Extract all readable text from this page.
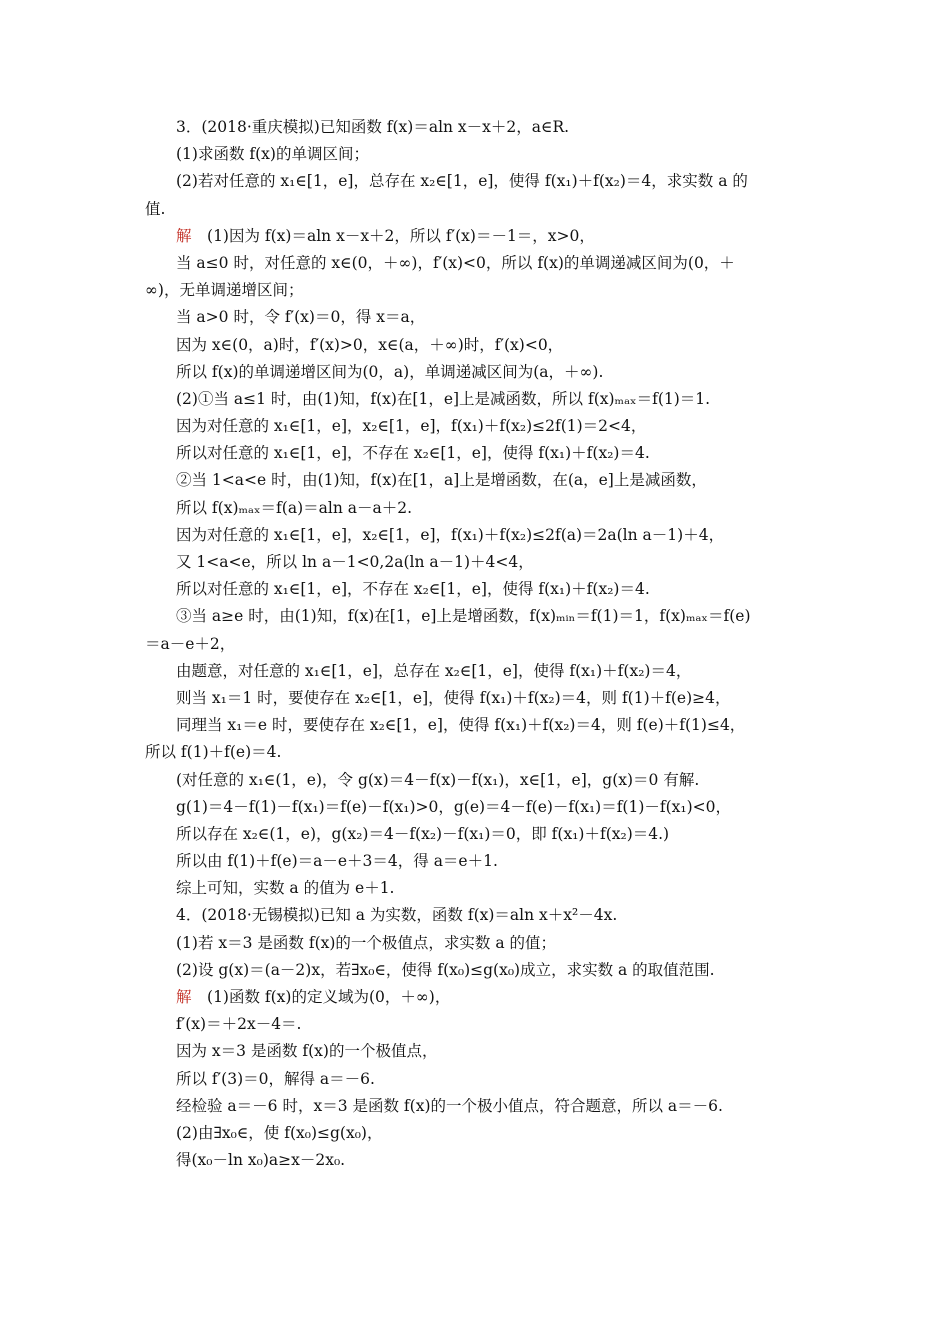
3．(2018·重庆模拟)已知函数 f(x)＝aln x－x＋2，a∈R.
(1)求函数 f(x)的单调区间；
(2)若对任意的 x₁∈[1，e]，总存在 x₂∈[1，e]，使得 f(x₁)＋f(x₂)＝4，求实数 a 的
值.
解　(1)因为 f(x)＝aln x－x＋2，所以 f′(x)＝－1＝，x>0，
当 a≤0 时，对任意的 x∈(0，＋∞)，f′(x)<0，所以 f(x)的单调递减区间为(0，＋
∞)，无单调递增区间；
当 a>0 时，令 f′(x)＝0，得 x＝a，
因为 x∈(0，a)时，f′(x)>0，x∈(a，＋∞)时，f′(x)<0，
所以 f(x)的单调递增区间为(0，a)，单调递减区间为(a，＋∞).
(2)①当 a≤1 时，由(1)知，f(x)在[1，e]上是减函数，所以 f(x)ₘₐₓ＝f(1)＝1.
因为对任意的 x₁∈[1，e]，x₂∈[1，e]，f(x₁)＋f(x₂)≤2f(1)＝2<4，
所以对任意的 x₁∈[1，e]，不存在 x₂∈[1，e]，使得 f(x₁)＋f(x₂)＝4.
②当 1<a<e 时，由(1)知，f(x)在[1，a]上是增函数，在(a，e]上是减函数，
所以 f(x)ₘₐₓ＝f(a)＝aln a－a＋2.
因为对任意的 x₁∈[1，e]，x₂∈[1，e]，f(x₁)＋f(x₂)≤2f(a)＝2a(ln a－1)＋4，
又 1<a<e，所以 ln a－1<0,2a(ln a－1)＋4<4，
所以对任意的 x₁∈[1，e]，不存在 x₂∈[1，e]，使得 f(x₁)＋f(x₂)＝4.
③当 a≥e 时，由(1)知，f(x)在[1，e]上是增函数，f(x)ₘᵢₙ＝f(1)＝1，f(x)ₘₐₓ＝f(e)
＝a－e＋2，
由题意，对任意的 x₁∈[1，e]，总存在 x₂∈[1，e]，使得 f(x₁)＋f(x₂)＝4，
则当 x₁＝1 时，要使存在 x₂∈[1，e]，使得 f(x₁)＋f(x₂)＝4，则 f(1)＋f(e)≥4，
同理当 x₁＝e 时，要使存在 x₂∈[1，e]，使得 f(x₁)＋f(x₂)＝4，则 f(e)＋f(1)≤4，
所以 f(1)＋f(e)＝4.
(对任意的 x₁∈(1，e)，令 g(x)＝4－f(x)－f(x₁)，x∈[1，e]，g(x)＝0 有解.
g(1)＝4－f(1)－f(x₁)＝f(e)－f(x₁)>0，g(e)＝4－f(e)－f(x₁)＝f(1)－f(x₁)<0，
所以存在 x₂∈(1，e)，g(x₂)＝4－f(x₂)－f(x₁)＝0，即 f(x₁)＋f(x₂)＝4.)
所以由 f(1)＋f(e)＝a－e＋3＝4，得 a＝e＋1.
综上可知，实数 a 的值为 e＋1.
4．(2018·无锡模拟)已知 a 为实数，函数 f(x)＝aln x＋x²－4x.
(1)若 x＝3 是函数 f(x)的一个极值点，求实数 a 的值；
(2)设 g(x)＝(a－2)x，若∃x₀∈，使得 f(x₀)≤g(x₀)成立，求实数 a 的取值范围.
解　(1)函数 f(x)的定义域为(0，＋∞)，
f′(x)＝＋2x－4＝.
因为 x＝3 是函数 f(x)的一个极值点，
所以 f′(3)＝0，解得 a＝－6.
经检验 a＝－6 时，x＝3 是函数 f(x)的一个极小值点，符合题意，所以 a＝－6.
(2)由∃x₀∈，使 f(x₀)≤g(x₀)，
得(x₀－ln x₀)a≥x－2x₀.
